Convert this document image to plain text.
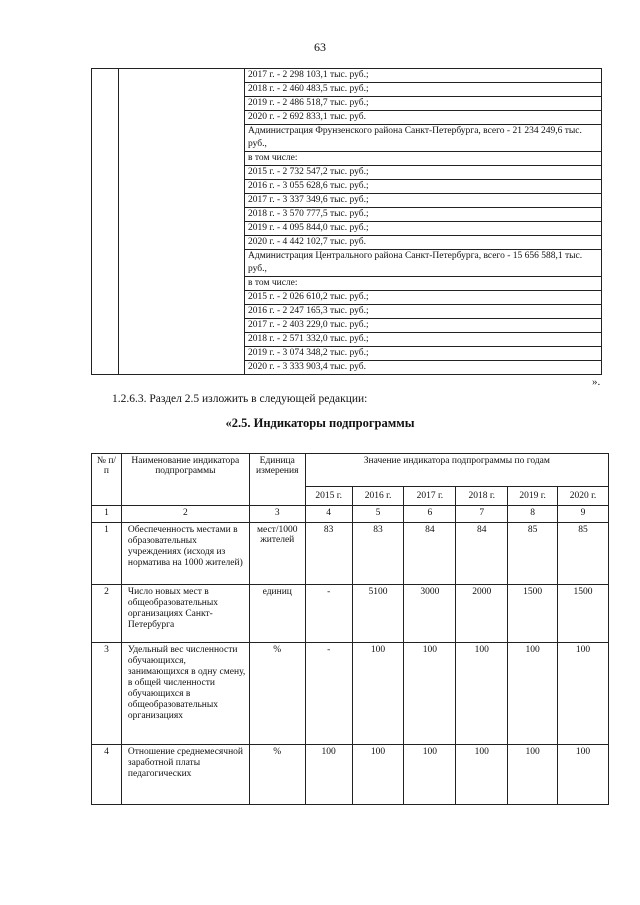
63

2017 г. - 2 298 103,1 тыс. руб.;
2018 г. - 2 460 483,5 тыс. руб.;
2019 г. - 2 486 518,7 тыс. руб.;
2020 г. - 2 692 833,1 тыс. руб.
Администрация Фрунзенского района Санкт-Петербурга, всего - 21 234 249,6 тыс. руб.,
в том числе:
2015 г. - 2 732 547,2 тыс. руб.;
2016 г. - 3 055 628,6 тыс. руб.;
2017 г. - 3 337 349,6 тыс. руб.;
2018 г. - 3 570 777,5 тыс. руб.;
2019 г. - 4 095 844,0 тыс. руб.;
2020 г. - 4 442 102,7 тыс. руб.
Администрация Центрального района Санкт-Петербурга, всего - 15 656 588,1 тыс. руб.,
в том числе:
2015 г. - 2 026 610,2 тыс. руб.;
2016 г. - 2 247 165,3 тыс. руб.;
2017 г. - 2 403 229,0 тыс. руб.;
2018 г. - 2 571 332,0 тыс. руб.;
2019 г. - 3 074 348,2 тыс. руб.;
2020 г. - 3 333 903,4 тыс. руб.
».
1.2.6.3. Раздел 2.5 изложить в следующей редакции:
«2.5. Индикаторы подпрограммы
№ п/п	Наименование индикатора подпрограммы	Единица измерения	Значение индикатора подпрограммы по годам					
			2015 г.	2016 г.	2017 г.	2018 г.	2019 г.	2020 г.
1	2	3	4	5	6	7	8	9
1	Обеспеченность местами в образовательных учреждениях (исходя из норматива на 1000 жителей)	мест/1000 жителей	83	83	84	84	85	85
2	Число новых мест в общеобразовательных организациях Санкт-Петербурга	единиц	-	5100	3000	2000	1500	1500
3	Удельный вес численности обучающихся, занимающихся в одну смену, в общей численности обучающихся в общеобразовательных организациях	%	-	100	100	100	100	100
4	Отношение среднемесячной заработной платы педагогических	%	100	100	100	100	100	100
